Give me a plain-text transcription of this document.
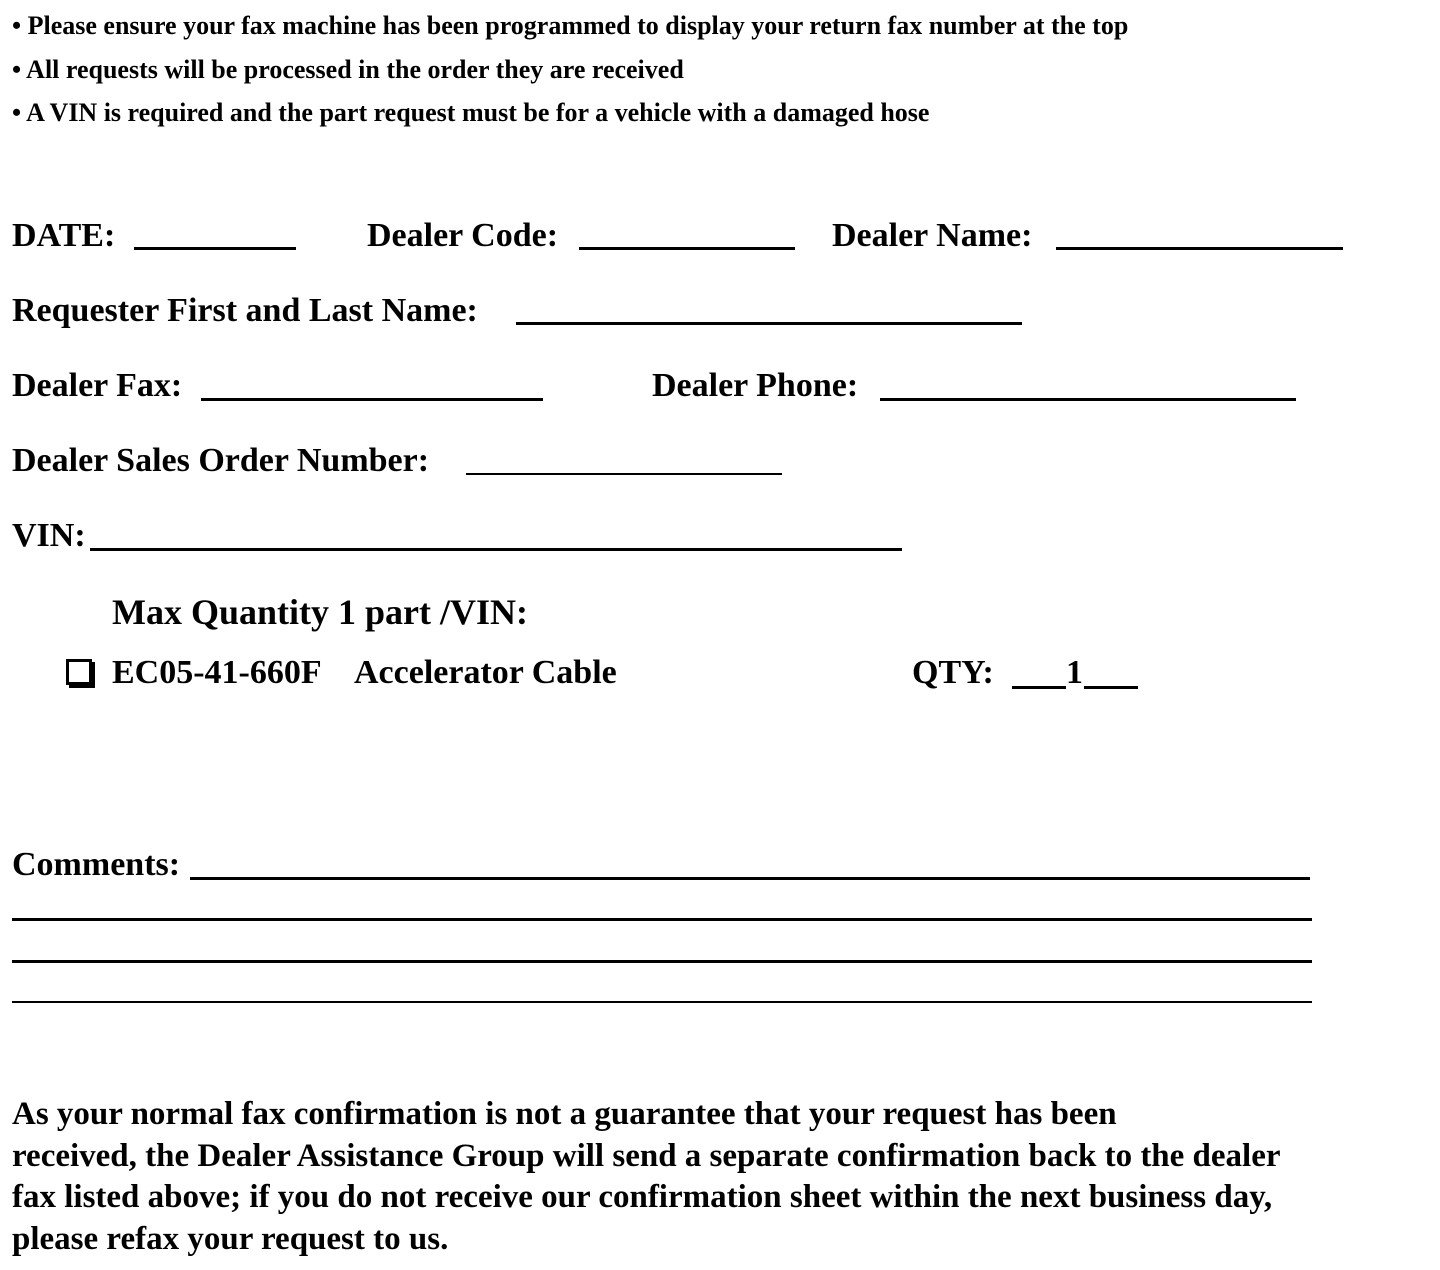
• Please ensure your fax machine has been programmed to display your return fax number at the top
• All requests will be processed in the order they are received
• A VIN is required and the part request must be for a vehicle with a damaged hose
DATE:	Dealer Code:	Dealer Name:
Requester First and Last Name:
Dealer Fax:	Dealer Phone:
Dealer Sales Order Number:
VIN:
Max Quantity 1 part /VIN:
EC05-41-660F Accelerator Cable	QTY: 1
Comments:
As your normal fax confirmation is not a guarantee that your request has been
received, the Dealer Assistance Group will send a separate confirmation back to the dealer
fax listed above; if you do not receive our confirmation sheet within the next business day,
please refax your request to us.
